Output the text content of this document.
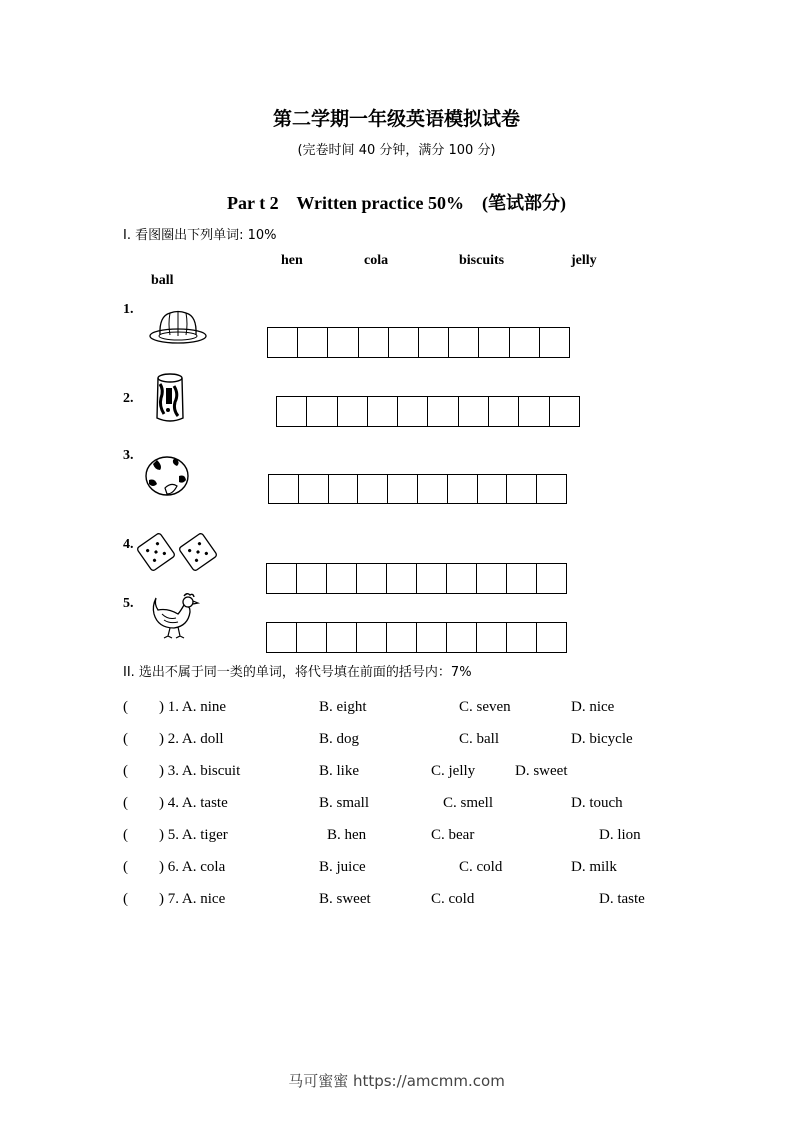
第二学期一年级英语模拟试卷
(完卷时间 40 分钟，满分 100 分)
Par t 2    Written practice 50%    (笔试部分)
I. 看图圈出下列单词: 10%
hen	cola	biscuits	jelly
ball
1.
2.
3.
4.
5.
II. 选出不属于同一类的单词，将代号填在前面的括号内：7%
( ) 1. A. nine	B. eight	C. seven	D. nice
( ) 2. A. doll	B. dog	C. ball	D. bicycle
( ) 3. A. biscuit	B. like	C. jelly	D. sweet
( ) 4. A. taste	B. small	C. smell	D. touch
( ) 5. A. tiger	B. hen	C. bear	D. lion
( ) 6. A. cola	B. juice	C. cold	D. milk
( ) 7. A. nice	B. sweet	C. cold	D. taste
马可蜜蜜 https://amcmm.com
